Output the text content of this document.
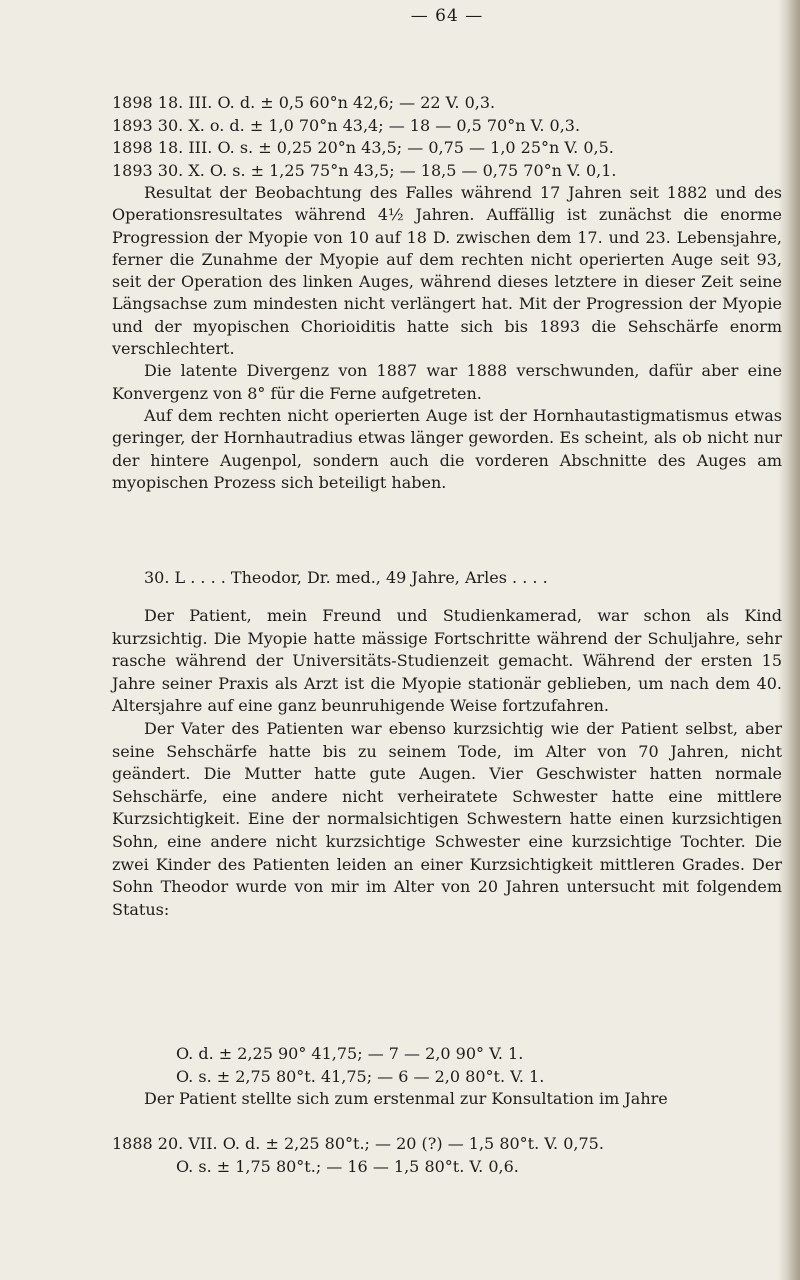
— 64 —
1898 18. III. O. d. ± 0,5 60°n 42,6; — 22 V. 0,3.
1893 30. X. o. d. ± 1,0 70°n 43,4; — 18 — 0,5 70°n V. 0,3.
1898 18. III. O. s. ± 0,25 20°n 43,5; — 0,75 — 1,0 25°n V. 0,5.
1893 30. X. O. s. ± 1,25 75°n 43,5; — 18,5 — 0,75 70°n V. 0,1.

Resultat der Beobachtung des Falles während 17 Jahren seit 1882 und des Operationsresultates während 4½ Jahren. Auffällig ist zunächst die enorme Progression der Myopie von 10 auf 18 D. zwischen dem 17. und 23. Lebensjahre, ferner die Zunahme der Myopie auf dem rechten nicht operierten Auge seit 93, seit der Operation des linken Auges, während dieses letztere in dieser Zeit seine Längsachse zum mindesten nicht verlängert hat. Mit der Progression der Myopie und der myopischen Chorioiditis hatte sich bis 1893 die Sehschärfe enorm verschlechtert.

Die latente Divergenz von 1887 war 1888 verschwunden, dafür aber eine Konvergenz von 8° für die Ferne aufgetreten.

Auf dem rechten nicht operierten Auge ist der Hornhautastigmatismus etwas geringer, der Hornhautradius etwas länger geworden. Es scheint, als ob nicht nur der hintere Augenpol, sondern auch die vorderen Abschnitte des Auges am myopischen Prozess sich beteiligt haben.

30. L . . . . Theodor, Dr. med., 49 Jahre, Arles . . . .

Der Patient, mein Freund und Studienkamerad, war schon als Kind kurzsichtig. Die Myopie hatte mässige Fortschritte während der Schuljahre, sehr rasche während der Universitäts-Studienzeit gemacht. Während der ersten 15 Jahre seiner Praxis als Arzt ist die Myopie stationär geblieben, um nach dem 40. Altersjahre auf eine ganz beunruhigende Weise fortzufahren.

Der Vater des Patienten war ebenso kurzsichtig wie der Patient selbst, aber seine Sehschärfe hatte bis zu seinem Tode, im Alter von 70 Jahren, nicht geändert. Die Mutter hatte gute Augen. Vier Geschwister hatten normale Sehschärfe, eine andere nicht verheiratete Schwester hatte eine mittlere Kurzsichtigkeit. Eine der normalsichtigen Schwestern hatte einen kurzsichtigen Sohn, eine andere nicht kurzsichtige Schwester eine kurzsichtige Tochter. Die zwei Kinder des Patienten leiden an einer Kurzsichtigkeit mittleren Grades. Der Sohn Theodor wurde von mir im Alter von 20 Jahren untersucht mit folgendem Status:

O. d. ± 2,25 90° 41,75; — 7 — 2,0 90° V. 1.
O. s. ± 2,75 80°t. 41,75; — 6 — 2,0 80°t. V. 1.

Der Patient stellte sich zum erstenmal zur Konsultation im Jahre

1888 20. VII. O. d. ± 2,25 80°t.; — 20 (?) — 1,5 80°t. V. 0,75.
O. s. ± 1,75 80°t.; — 16 — 1,5 80°t. V. 0,6.
